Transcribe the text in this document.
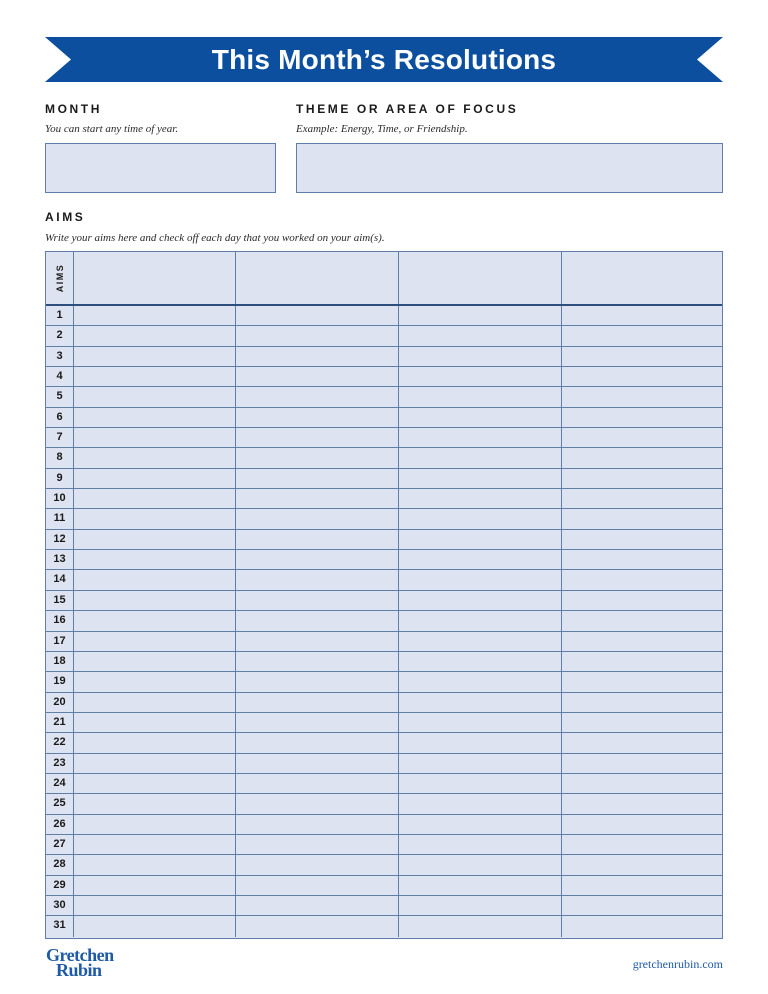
This Month’s Resolutions
MONTH
You can start any time of year.
THEME OR AREA OF FOCUS
Example: Energy, Time, or Friendship.
AIMS
Write your aims here and check off each day that you worked on your aim(s).
AIMS
1
2
3
4
5
6
7
8
9
10
11
12
13
14
15
16
17
18
19
20
21
22
23
24
25
26
27
28
29
30
31
Gretchen
Rubin	gretchenrubin.com
